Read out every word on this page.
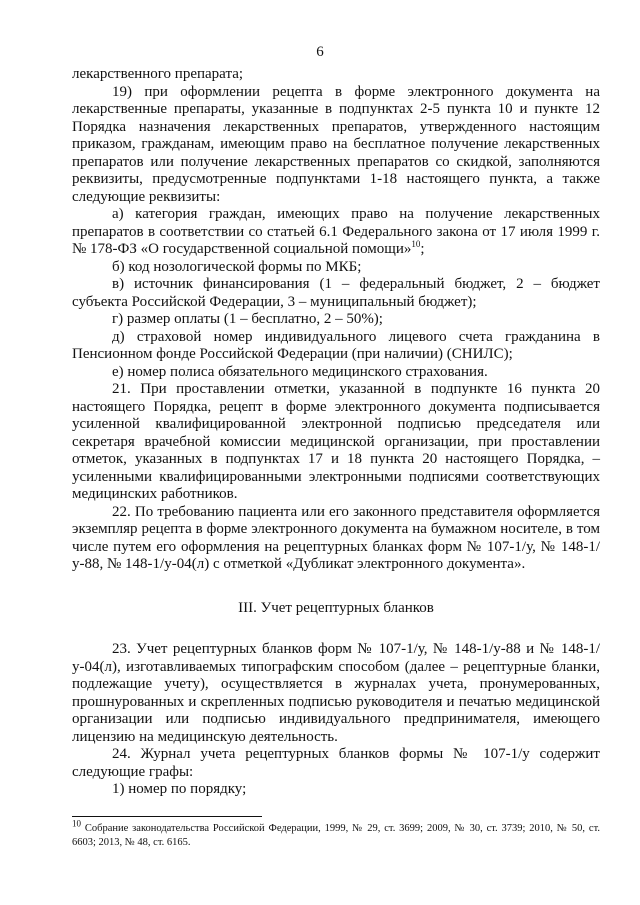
6

лекарственного препарата;

19) при оформлении рецепта в форме электронного документа на лекарственные препараты, указанные в подпунктах 2-5 пункта 10 и пункте 12 Порядка назначения лекарственных препаратов, утвержденного настоящим приказом, гражданам, имеющим право на бесплатное получение лекарственных препаратов или получение лекарственных препаратов со скидкой, заполняются реквизиты, предусмотренные подпунктами 1-18 настоящего пункта, а также следующие реквизиты:

а) категория граждан, имеющих право на получение лекарственных препаратов в соответствии со статьей 6.1 Федерального закона от 17 июля 1999 г. № 178-ФЗ «О государственной социальной помощи»$^{10}$;

б) код нозологической формы по МКБ;

в) источник финансирования (1 – федеральный бюджет, 2 – бюджет субъекта Российской Федерации, 3 – муниципальный бюджет);

г) размер оплаты (1 – бесплатно, 2 – 50%);

д) страховой номер индивидуального лицевого счета гражданина в Пенсионном фонде Российской Федерации (при наличии) (СНИЛС);

е) номер полиса обязательного медицинского страхования.

21. При проставлении отметки, указанной в подпункте 16 пункта 20 настоящего Порядка, рецепт в форме электронного документа подписывается усиленной квалифицированной электронной подписью председателя или секретаря врачебной комиссии медицинской организации, при проставлении отметок, указанных в подпунктах 17 и 18 пункта 20 настоящего Порядка, – усиленными квалифицированными электронными подписями соответствующих медицинских работников.

22. По требованию пациента или его законного представителя оформляется экземпляр рецепта в форме электронного документа на бумажном носителе, в том числе путем его оформления на рецептурных бланках форм № 107-1/у, № 148-1/у-88, № 148-1/у-04(л) с отметкой «Дубликат электронного документа».

III. Учет рецептурных бланков

23. Учет рецептурных бланков форм № 107-1/у, № 148-1/у-88 и № 148-1/у-04(л), изготавливаемых типографским способом (далее – рецептурные бланки, подлежащие учету), осуществляется в журналах учета, пронумерованных, прошнурованных и скрепленных подписью руководителя и печатью медицинской организации или подписью индивидуального предпринимателя, имеющего лицензию на медицинскую деятельность.

24. Журнал учета рецептурных бланков формы № 107-1/у содержит следующие графы:

1) номер по порядку;

$^{10}$ Собрание законодательства Российской Федерации, 1999, № 29, ст. 3699; 2009, № 30, ст. 3739; 2010, № 50, ст. 6603; 2013, № 48, ст. 6165.
